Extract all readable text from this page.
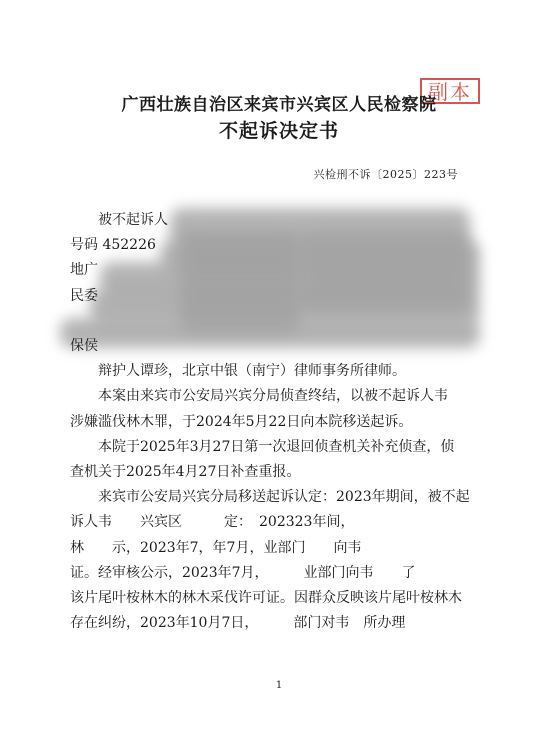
副本
广西壮族自治区来宾市兴宾区人民检察院
不起诉决定书
兴检刑不诉〔2025〕223号

被不起诉人

号码 452226

地广

民委

保侯

辩护人谭珍，北京中银（南宁）律师事务所律师。

本案由来宾市公安局兴宾分局侦查终结，以被不起诉人韦
涉嫌滥伐林木罪，于2024年5月22日向本院移送起诉。

本院于2025年3月27日第一次退回侦查机关补充侦查，侦
查机关于2025年4月27日补查重报。

来宾市公安局兴宾分局移送起诉认定：2023年期间，被不起
诉人韦　　 兴宾区　　　	定：　 202323年间，
林　　 示，2023年7，年7月，业部门　　 向韦
证。经审核公示，2023年7月，　　　	业部门向韦　　 了
该片尾叶桉林木的林木采伐许可证。因群众反映该片尾叶桉林木
存在纠纷，2023年10月7日，　　　	部门对韦　 所办理

1
